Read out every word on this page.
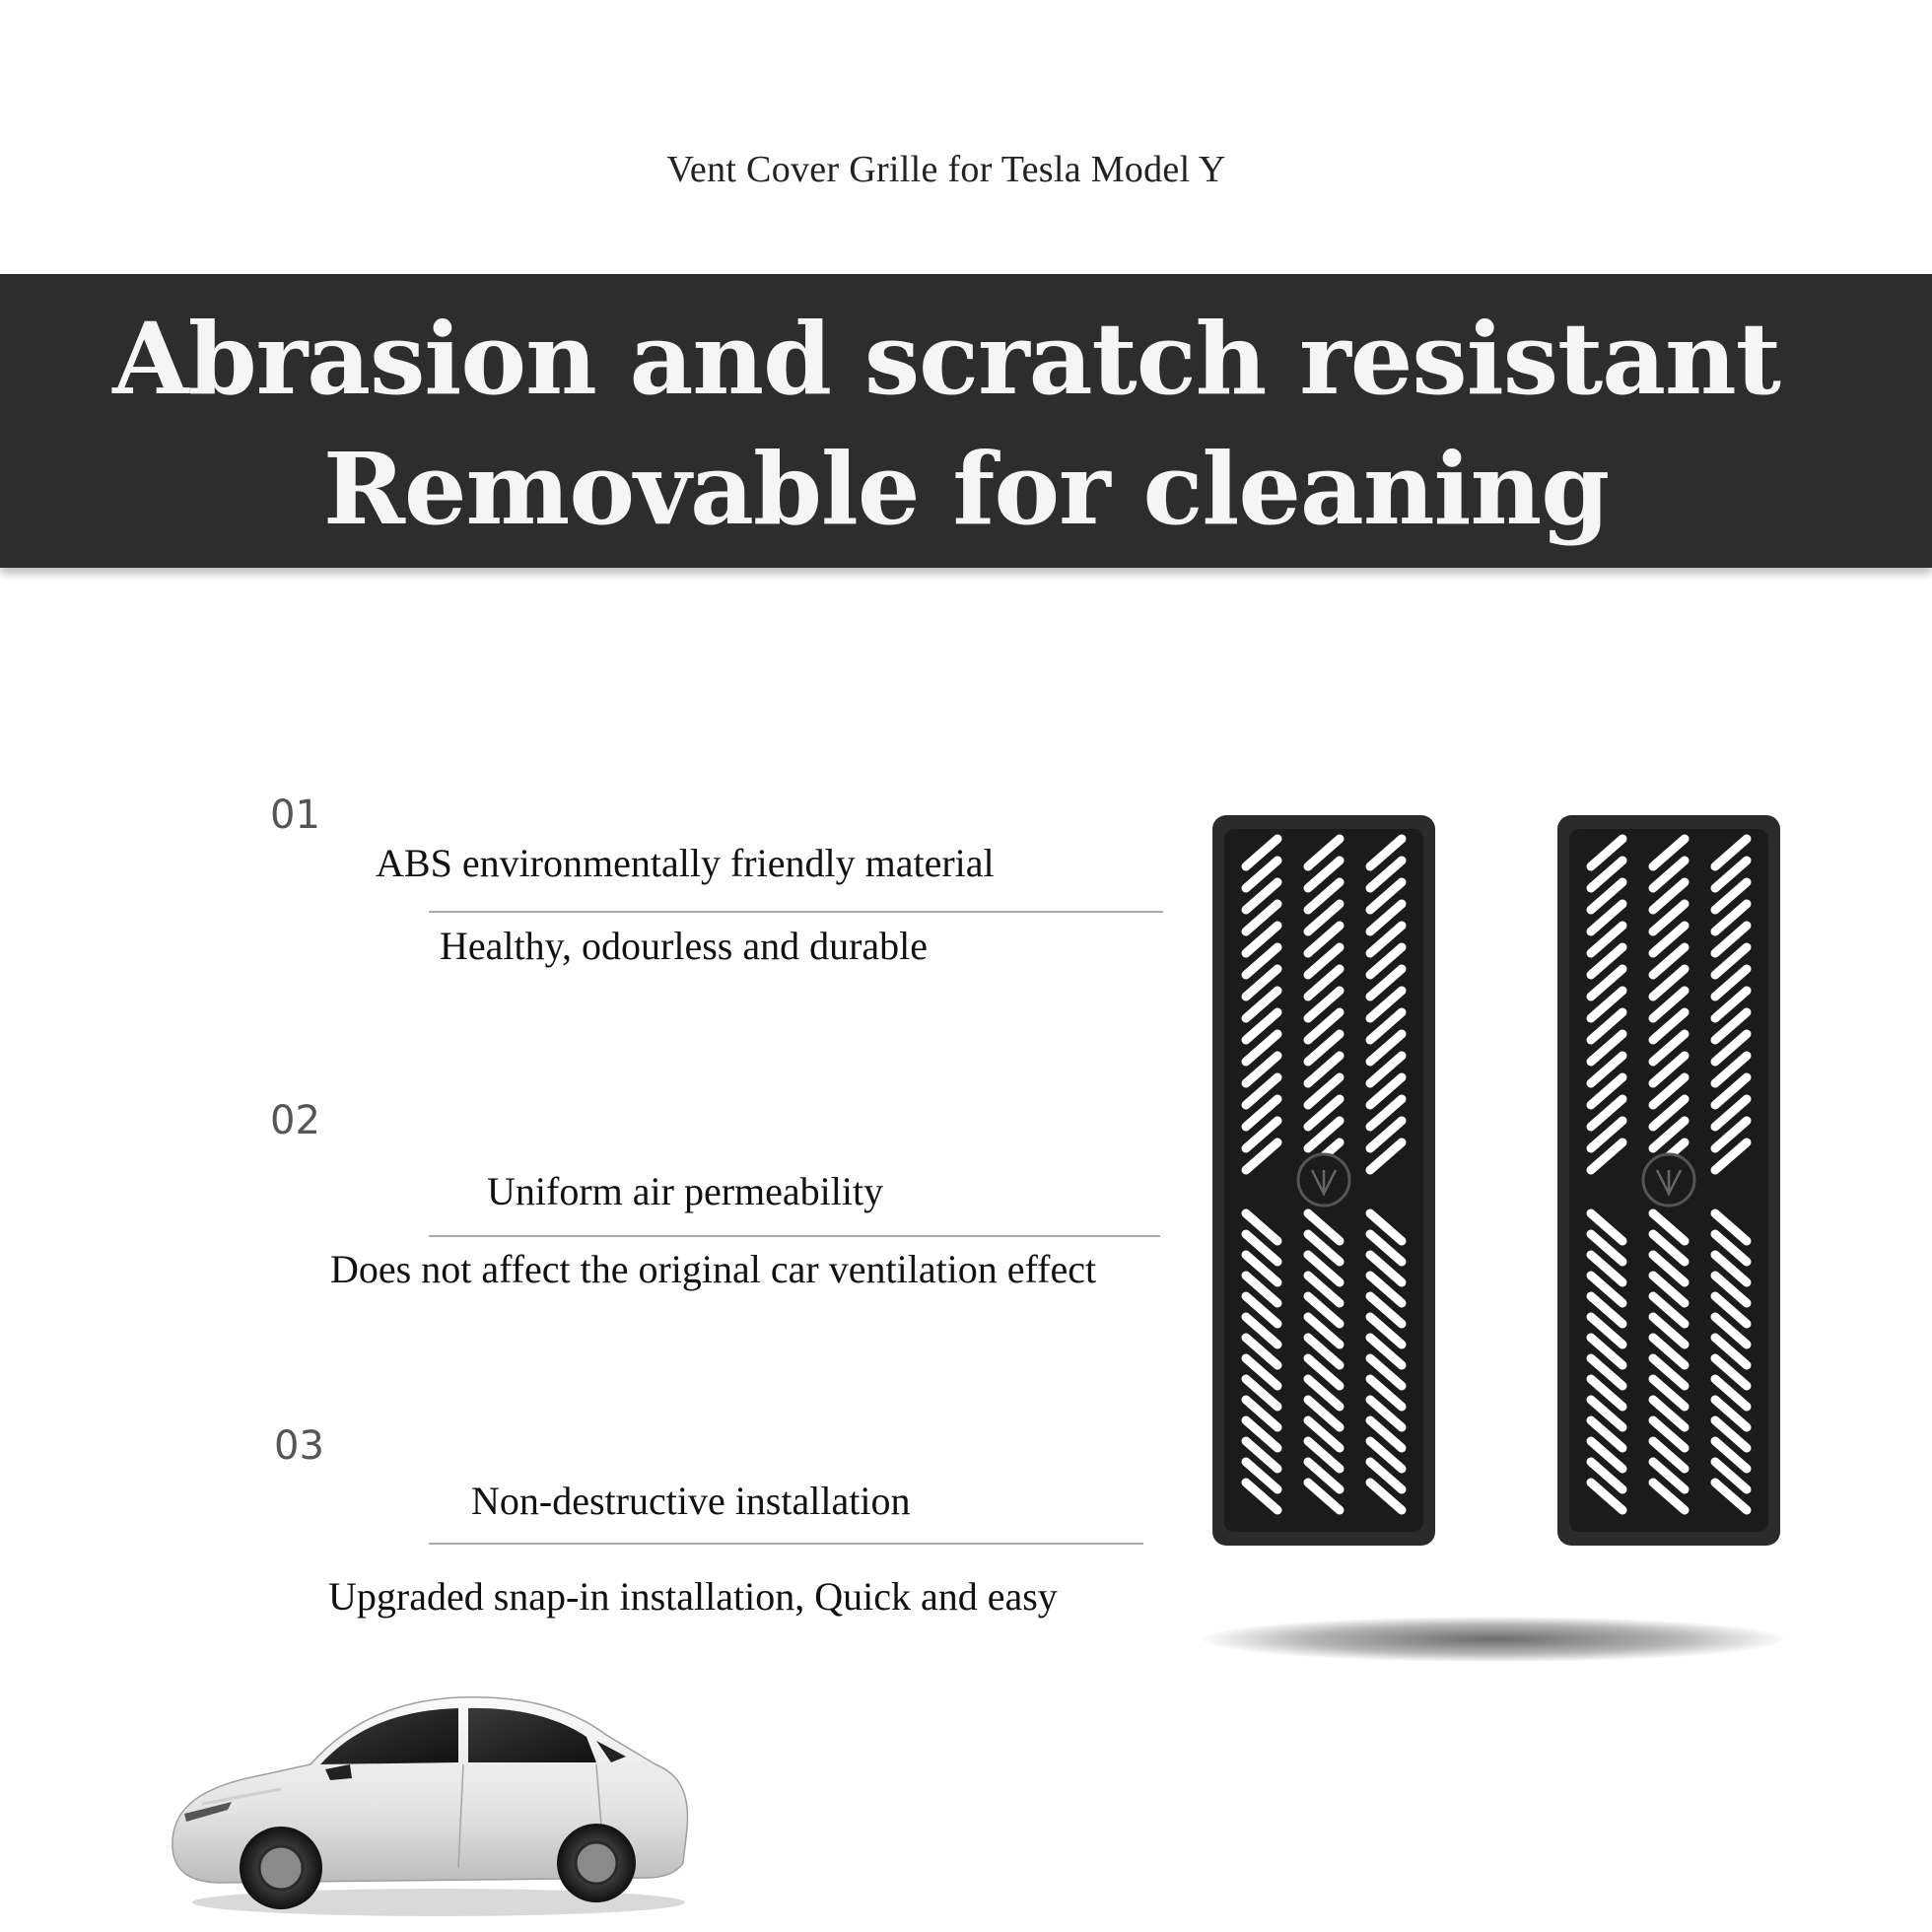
Vent Cover Grille for Tesla Model Y
Abrasion and scratch resistant
Removable for cleaning
01
ABS environmentally friendly material
Healthy, odourless and durable
02
Uniform air permeability
Does not affect the original car ventilation effect
03
Non-destructive installation
Upgraded snap-in installation, Quick and easy
